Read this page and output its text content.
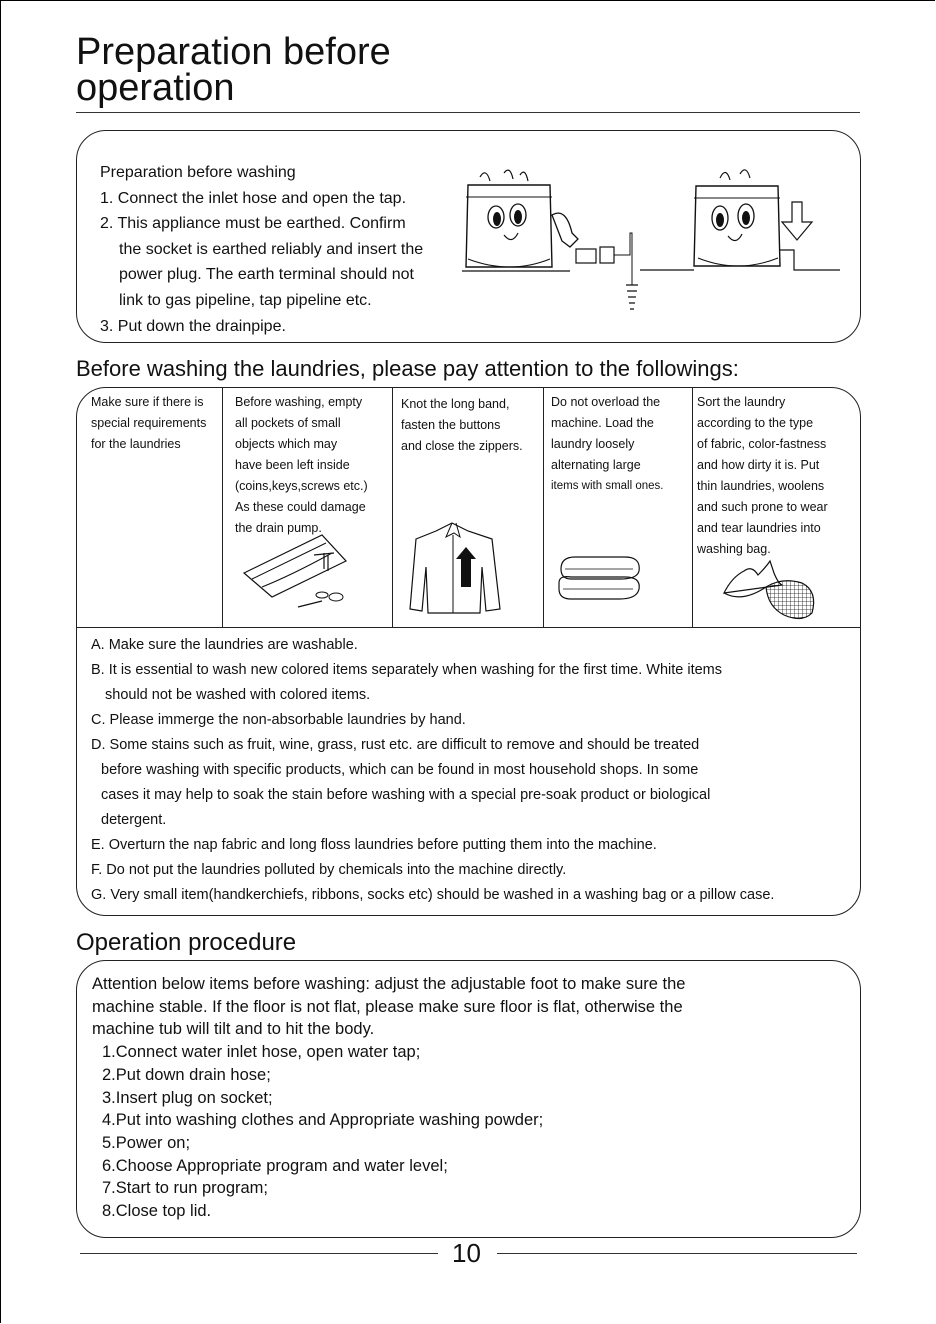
Preparation before
operation
Preparation before washing
1. Connect the inlet hose and open the tap.
2. This appliance must be earthed. Confirm
the socket is earthed reliably and insert the
power plug. The earth terminal should not
link to gas pipeline, tap pipeline etc.
3. Put down the drainpipe.
Before washing the laundries, please pay attention to the followings:
Make sure if there is
special requirements
for the laundries
Before washing, empty
all pockets of small
objects which may
have been left inside
(coins,keys,screws etc.)
As these could damage
the drain pump.
Knot the long band,
fasten the buttons
and close the zippers.
Do not overload the
machine. Load the
laundry loosely
alternating large
items with small ones.
Sort the laundry
according to the type
of fabric, color-fastness
and how dirty it is. Put
thin laundries, woolens
and such prone to wear
and tear laundries into
washing bag.
A. Make sure the laundries are washable.
B. It is essential to wash new colored items separately when washing for the first time. White items
should not be washed with colored items.
C. Please immerge the non-absorbable laundries by hand.
D. Some stains such as fruit, wine, grass, rust etc. are difficult to remove and should be treated
before washing with specific products, which can be found in most household shops. In some
cases it may help to soak the stain before washing with a special pre-soak product or biological
detergent.
E. Overturn the nap fabric and long floss laundries before putting them into the machine.
F. Do not put the laundries polluted by chemicals into the machine directly.
G. Very small item(handkerchiefs, ribbons, socks etc) should be washed in a washing bag or a pillow case.
Operation procedure
Attention below items before washing: adjust the adjustable foot to make sure the
machine stable. If the floor is not flat, please make sure floor is flat, otherwise the
machine tub will tilt and to hit the body.
1.Connect water inlet hose, open water tap;
2.Put down drain hose;
3.Insert plug on socket;
4.Put into washing clothes and Appropriate washing powder;
5.Power on;
6.Choose Appropriate program and water level;
7.Start to run program;
8.Close top lid.
10
